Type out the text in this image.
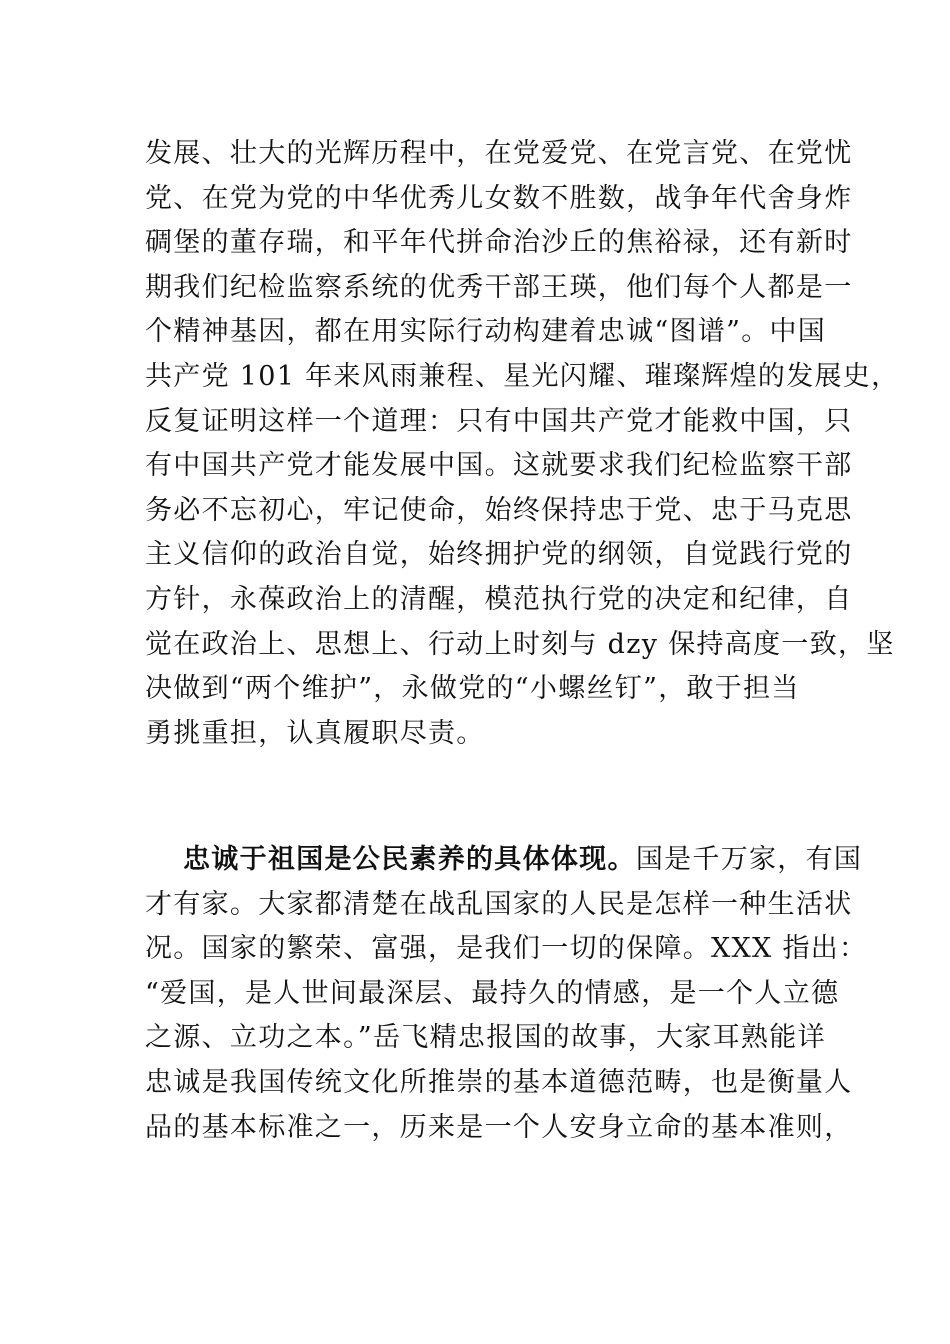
发展、壮大的光辉历程中，在党爱党、在党言党、在党忧
党、在党为党的中华优秀儿女数不胜数，战争年代舍身炸
碉堡的董存瑞，和平年代拼命治沙丘的焦裕禄，还有新时
期我们纪检监察系统的优秀干部王瑛，他们每个人都是一
个精神基因，都在用实际行动构建着忠诚“图谱”。中国
共产党 101 年来风雨兼程、星光闪耀、璀璨辉煌的发展史，
反复证明这样一个道理：只有中国共产党才能救中国，只
有中国共产党才能发展中国。这就要求我们纪检监察干部
务必不忘初心，牢记使命，始终保持忠于党、忠于马克思
主义信仰的政治自觉，始终拥护党的纲领，自觉践行党的
方针，永葆政治上的清醒，模范执行党的决定和纪律，自
觉在政治上、思想上、行动上时刻与 dzy 保持高度一致，坚
决做到“两个维护”，永做党的“小螺丝钉”，敢于担当
勇挑重担，认真履职尽责。
忠诚于祖国是公民素养的具体体现。国是千万家，有国
才有家。大家都清楚在战乱国家的人民是怎样一种生活状
况。国家的繁荣、富强，是我们一切的保障。XXX 指出：
“爱国，是人世间最深层、最持久的情感，是一个人立德
之源、立功之本。”岳飞精忠报国的故事，大家耳熟能详
忠诚是我国传统文化所推崇的基本道德范畴，也是衡量人
品的基本标准之一，历来是一个人安身立命的基本准则，
